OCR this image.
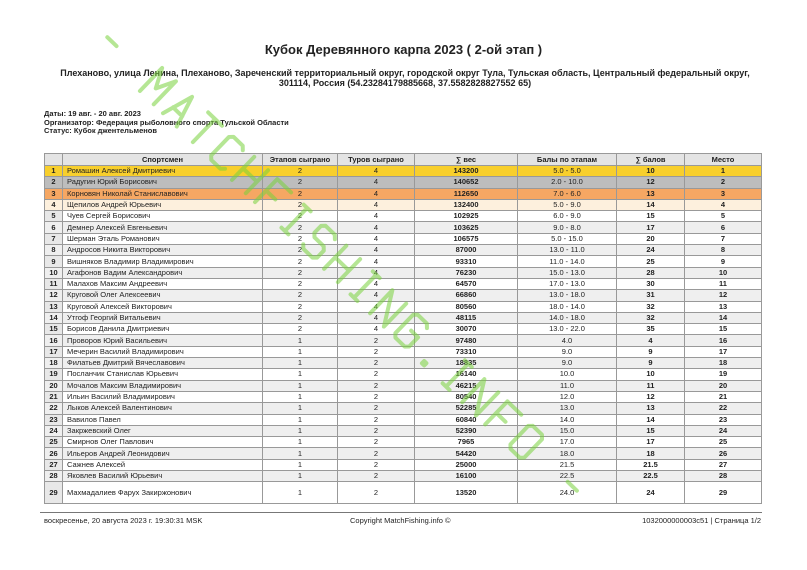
Кубок Деревянного карпа 2023 ( 2-ой этап )
Плеханово, улица Ленина, Плеханово, Зареченский территориальный округ, городской округ Тула, Тульская область, Центральный федеральный округ, 301114, Россия (54.23284179885668, 37.5582828827552 65)
Даты: 19 авг. - 20 авг. 2023
Организатор: Федерация рыболовного спорта Тульской Области
Статус: Кубок джентельменов
	Спортсмен	Этапов сыграно	Туров сыграно	∑ вес	Балы по этапам	∑ балов	Место
1	Ромашин Алексей Дмитриевич	2	4	143200	5.0 - 5.0	10	1
2	Радугин Юрий Борисович	2	4	140652	2.0 - 10.0	12	2
3	Корновян Николай Станиславович	2	4	112650	7.0 - 6.0	13	3
4	Щепилов Андрей Юрьевич	2	4	132400	5.0 - 9.0	14	4
5	Чуев Сергей Борисович	2	4	102925	6.0 - 9.0	15	5
6	Демнер Алексей Евгеньевич	2	4	103625	9.0 - 8.0	17	6
7	Шерман Эталь Романович	2	4	106575	5.0 - 15.0	20	7
8	Андросов Никита Викторович	2	4	87000	13.0 - 11.0	24	8
9	Вишняков Владимир Владимирович	2	4	93310	11.0 - 14.0	25	9
10	Агафонов Вадим Александрович	2	4	76230	15.0 - 13.0	28	10
11	Малахов Максим Андреевич	2	4	64570	17.0 - 13.0	30	11
12	Круговой Олег Алексеевич	2	4	66860	13.0 - 18.0	31	12
13	Круговой Алексей Викторович	2	4	80560	18.0 - 14.0	32	13
14	Утгоф Георгий Витальевич	2	4	48115	14.0 - 18.0	32	14
15	Борисов Данила Дмитриевич	2	4	30070	13.0 - 22.0	35	15
16	Проворов Юрий Васильевич	1	2	97480	4.0	4	16
17	Мечерин Василий Владимирович	1	2	73310	9.0	9	17
18	Филатьев Дмитрий Вячеславович	1	2	18835	9.0	9	18
19	Посланчик Станислав Юрьевич	1	2	16140	10.0	10	19
20	Мочалов Максим Владимирович	1	2	46215	11.0	11	20
21	Ильин Василий Владимирович	1	2	80540	12.0	12	21
22	Лыков Алексей Валентинович	1	2	52285	13.0	13	22
23	Вавилов Павел	1	2	60840	14.0	14	23
24	Закржевский Олег	1	2	52390	15.0	15	24
25	Смирнов Олег Павлович	1	2	7965	17.0	17	25
26	Ильеров Андрей Леонидович	1	2	54420	18.0	18	26
27	Сажнев Алексей	1	2	25000	21.5	21.5	27
28	Яковлев Василий Юрьевич	1	2	16100	22.5	22.5	28
29	Махмадалиев Фарух Закиржонович	1	2	13520	24.0	24	29
воскресенье, 20 августа 2023 г. 19:30:31 MSK	Copyright MatchFishing.info ©	1032000000003c51 | Страница 1/2
